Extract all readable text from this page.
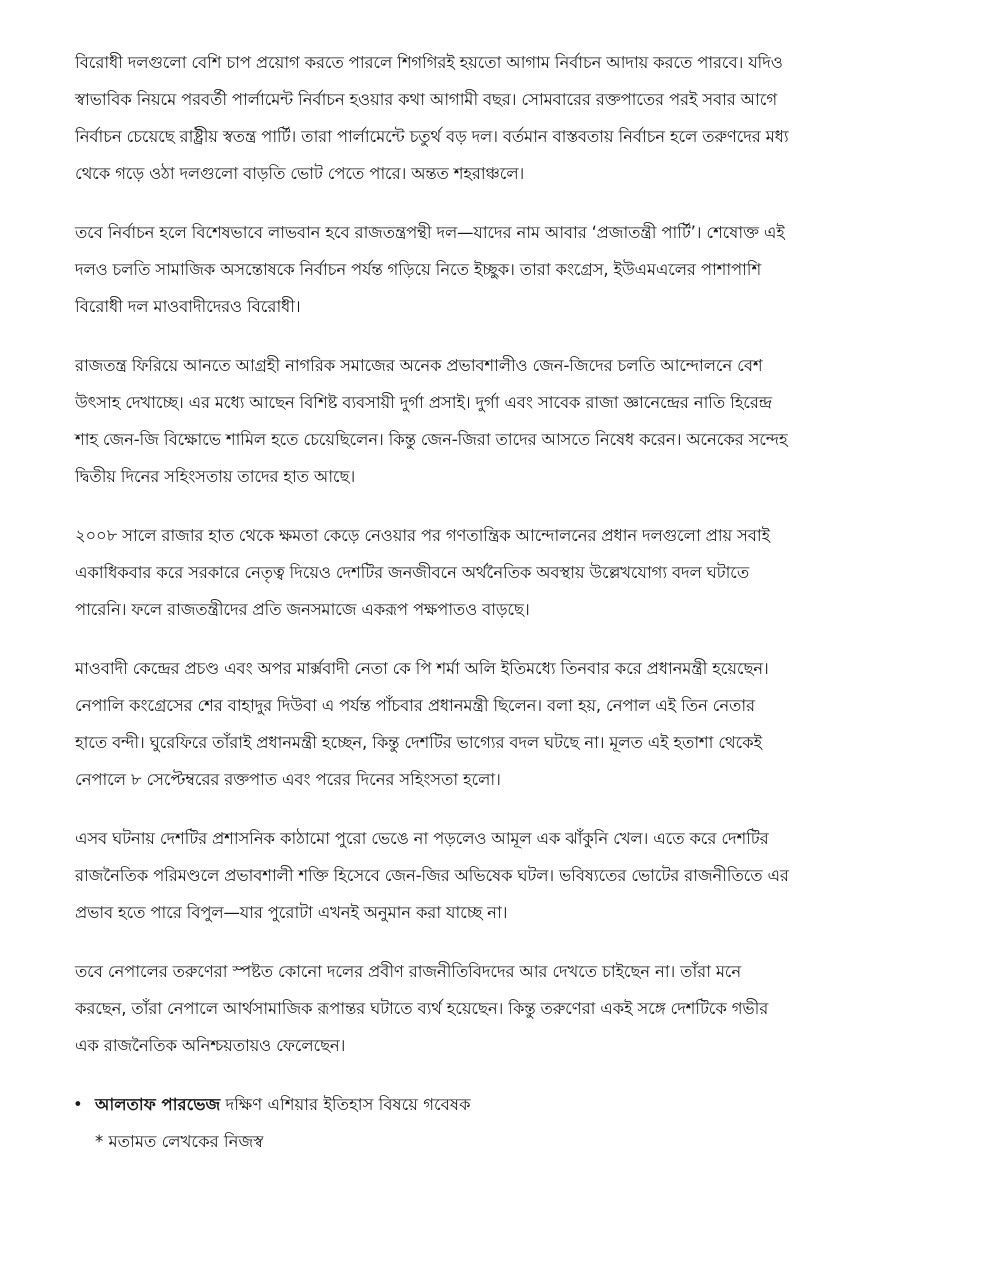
বিরোধী দলগুলো বেশি চাপ প্রয়োগ করতে পারলে শিগগিরই হয়তো আগাম নির্বাচন আদায় করতে পারবে। যদিও
স্বাভাবিক নিয়মে পরবর্তী পার্লামেন্ট নির্বাচন হওয়ার কথা আগামী বছর। সোমবারের রক্তপাতের পরই সবার আগে
নির্বাচন চেয়েছে রাষ্ট্রীয় স্বতন্ত্র পার্টি। তারা পার্লামেন্টে চতুর্থ বড় দল। বর্তমান বাস্তবতায় নির্বাচন হলে তরুণদের মধ্য
থেকে গড়ে ওঠা দলগুলো বাড়তি ভোট পেতে পারে। অন্তত শহরাঞ্চলে।

তবে নির্বাচন হলে বিশেষভাবে লাভবান হবে রাজতন্ত্রপন্থী দল—যাদের নাম আবার ‘প্রজাতন্ত্রী পার্টি’। শেষোক্ত এই
দলও চলতি সামাজিক অসন্তোষকে নির্বাচন পর্যন্ত গড়িয়ে নিতে ইচ্ছুক। তারা কংগ্রেস, ইউএমএলের পাশাপাশি
বিরোধী দল মাওবাদীদেরও বিরোধী।

রাজতন্ত্র ফিরিয়ে আনতে আগ্রহী নাগরিক সমাজের অনেক প্রভাবশালীও জেন-জিদের চলতি আন্দোলনে বেশ
উৎসাহ দেখাচ্ছে। এর মধ্যে আছেন বিশিষ্ট ব্যবসায়ী দুর্গা প্রসাই। দুর্গা এবং সাবেক রাজা জ্ঞানেন্দ্রের নাতি হিরেন্দ্র
শাহ জেন-জি বিক্ষোভে শামিল হতে চেয়েছিলেন। কিন্তু জেন-জিরা তাদের আসতে নিষেধ করেন। অনেকের সন্দেহ
দ্বিতীয় দিনের সহিংসতায় তাদের হাত আছে।

২০০৮ সালে রাজার হাত থেকে ক্ষমতা কেড়ে নেওয়ার পর গণতান্ত্রিক আন্দোলনের প্রধান দলগুলো প্রায় সবাই
একাধিকবার করে সরকারে নেতৃত্ব দিয়েও দেশটির জনজীবনে অর্থনৈতিক অবস্থায় উল্লেখযোগ্য বদল ঘটাতে
পারেনি। ফলে রাজতন্ত্রীদের প্রতি জনসমাজে একরূপ পক্ষপাতও বাড়ছে।

মাওবাদী কেন্দ্রের প্রচণ্ড এবং অপর মার্ক্সবাদী নেতা কে পি শর্মা অলি ইতিমধ্যে তিনবার করে প্রধানমন্ত্রী হয়েছেন।
নেপালি কংগ্রেসের শের বাহাদুর দিউবা এ পর্যন্ত পাঁচবার প্রধানমন্ত্রী ছিলেন। বলা হয়, নেপাল এই তিন নেতার
হাতে বন্দী। ঘুরেফিরে তাঁরাই প্রধানমন্ত্রী হচ্ছেন, কিন্তু দেশটির ভাগ্যের বদল ঘটছে না। মূলত এই হতাশা থেকেই
নেপালে ৮ সেপ্টেম্বরের রক্তপাত এবং পরের দিনের সহিংসতা হলো।

এসব ঘটনায় দেশটির প্রশাসনিক কাঠামো পুরো ভেঙে না পড়লেও আমূল এক ঝাঁকুনি খেল। এতে করে দেশটির
রাজনৈতিক পরিমণ্ডলে প্রভাবশালী শক্তি হিসেবে জেন-জির অভিষেক ঘটল। ভবিষ্যতের ভোটের রাজনীতিতে এর
প্রভাব হতে পারে বিপুল—যার পুরোটা এখনই অনুমান করা যাচ্ছে না।

তবে নেপালের তরুণেরা স্পষ্টত কোনো দলের প্রবীণ রাজনীতিবিদদের আর দেখতে চাইছেন না। তাঁরা মনে
করছেন, তাঁরা নেপালে আর্থসামাজিক রূপান্তর ঘটাতে ব্যর্থ হয়েছেন। কিন্তু তরুণেরা একই সঙ্গে দেশটিকে গভীর
এক রাজনৈতিক অনিশ্চয়তায়ও ফেলেছেন।

• আলতাফ পারভেজ দক্ষিণ এশিয়ার ইতিহাস বিষয়ে গবেষক
* মতামত লেখকের নিজস্ব
